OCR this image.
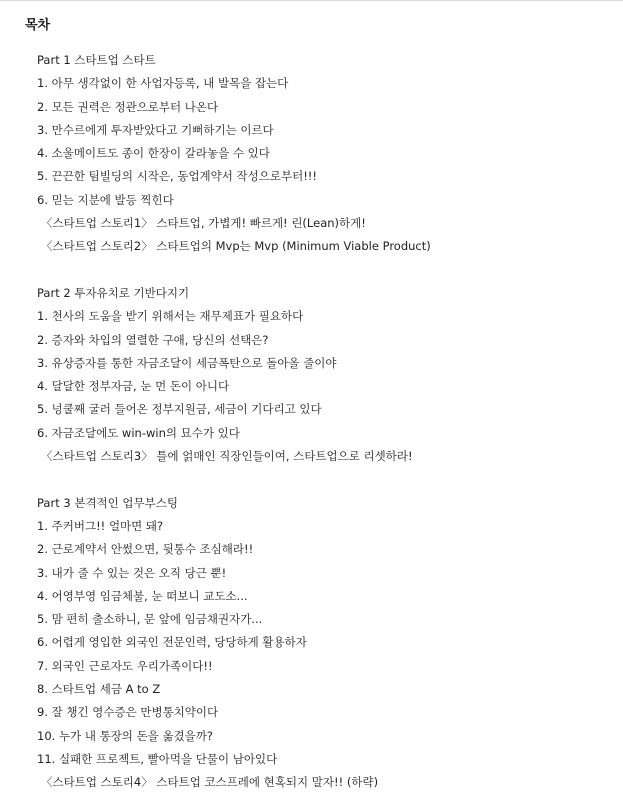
목차
Part 1 스타트업 스타트
1. 아무 생각없이 한 사업자등록, 내 발목을 잡는다
2. 모든 권력은 정관으로부터 나온다
3. 만수르에게 투자받았다고 기뻐하기는 이르다
4. 소울메이트도 종이 한장이 갈라놓을 수 있다
5. 끈끈한 팀빌딩의 시작은, 동업계약서 작성으로부터!!!
6. 믿는 지분에 발등 찍힌다
〈스타트업 스토리1〉 스타트업, 가볍게! 빠르게! 린(Lean)하게!
〈스타트업 스토리2〉 스타트업의 Mvp는 Mvp (Minimum Viable Product)
Part 2 투자유치로 기반다지기
1. 천사의 도움을 받기 위해서는 재무제표가 필요하다
2. 증자와 차입의 열렬한 구애, 당신의 선택은?
3. 유상증자를 통한 자금조달이 세금폭탄으로 돌아올 줄이야
4. 달달한 정부자금, 눈 먼 돈이 아니다
5. 넝쿨째 굴러 들어온 정부지원금, 세금이 기다리고 있다
6. 자금조달에도 win-win의 묘수가 있다
〈스타트업 스토리3〉 틀에 얽매인 직장인들이여, 스타트업으로 리셋하라!
Part 3 본격적인 업무부스팅
1. 주커버그!! 얼마면 돼?
2. 근로계약서 안썼으면, 뒷통수 조심해라!!
3. 내가 줄 수 있는 것은 오직 당근 뿐!
4. 어영부영 임금체불, 눈 떠보니 교도소...
5. 맘 편히 출소하니, 문 앞에 임금채권자가...
6. 어렵게 영입한 외국인 전문인력, 당당하게 활용하자
7. 외국인 근로자도 우리가족이다!!
8. 스타트업 세금 A to Z
9. 잘 챙긴 영수증은 만병통치약이다
10. 누가 내 통장의 돈을 옮겼을까?
11. 실패한 프로젝트, 빨아먹을 단물이 남아있다
〈스타트업 스토리4〉 스타트업 코스프레에 현혹되지 말자!! (하략)
